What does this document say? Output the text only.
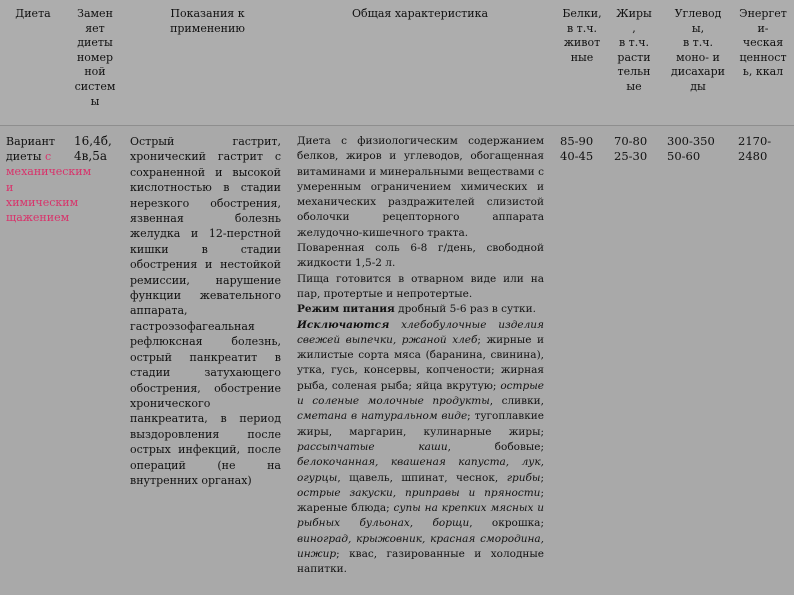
Диета	Замен
яет
диеты
номер
ной
систем
ы
Показания к
применению
Общая характеристика	Белки,
в т.ч.
живот
ные
Жиры
,
в т.ч.
расти
тельн
ые
Углевод
ы,
в т.ч.
моно- и
дисахари
ды
Энергет
и-
ческая
ценност
ь, ккал
Вариант диеты с механическим и химическим щажением
16,4б,
4в,5а
Острый гастрит, хронический гастрит с сохраненной и высокой кислотностью в стадии нерезкого обострения, язвенная болезнь желудка и 12-перстной кишки в стадии обострения и нестойкой ремиссии, нарушение функции жевательного аппарата, гастроэзофагеальная рефлюксная болезнь, острый панкреатит в стадии затухающего обострения, обострение хронического панкреатита, в период выздоровления после острых инфекций, после операций (не на внутренних органах)
Диета с физиологическим содержанием белков, жиров и углеводов, обогащенная витаминами и минеральными веществами с умеренным ограничением химических и механических раздражителей слизистой оболочки рецепторного аппарата желудочно-кишечного тракта.
Поваренная соль 6-8 г/день, свободной жидкости 1,5-2 л.
Пища готовится в отварном виде или на пар, протертые и непротертые.
Режим питания дробный 5-6 раз в сутки.
Исключаются хлебобулочные изделия свежей выпечки, ржаной хлеб; жирные и жилистые сорта мяса (баранина, свинина), утка, гусь, консервы, копчености; жирная рыба, соленая рыба; яйца вкрутую; острые и соленые молочные продукты, сливки, сметана в натуральном виде; тугоплавкие жиры, маргарин, кулинарные жиры; рассыпчатые каши, бобовые; белокочанная, квашеная капуста, лук, огурцы, щавель, шпинат, чеснок, грибы; острые закуски, приправы и пряности; жареные блюда; супы на крепких мясных и рыбных бульонах, борщи, окрошка; виноград, крыжовник, красная смородина, инжир; квас, газированные и холодные напитки.
85-90
40-45
70-80
25-30
300-350
50-60
2170-
2480
